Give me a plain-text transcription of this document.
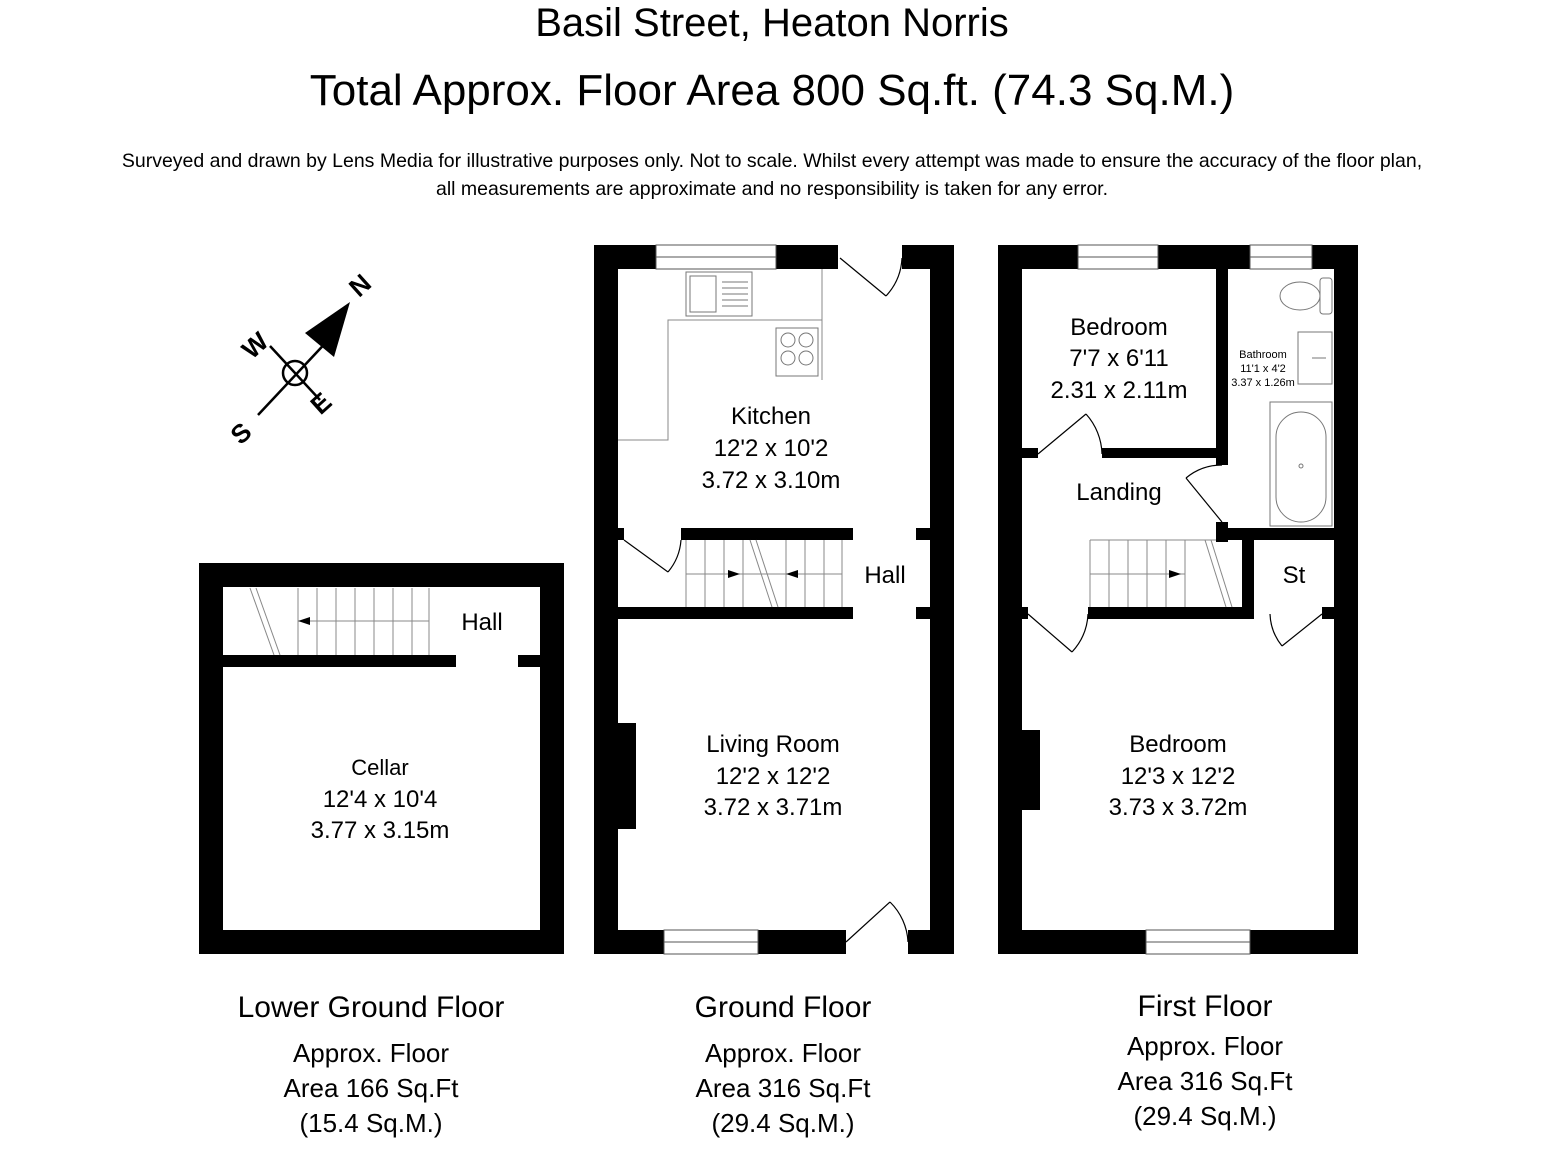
Basil Street, Heaton Norris
Total Approx. Floor Area 800 Sq.ft. (74.3 Sq.M.)
Surveyed and drawn by Lens Media for illustrative purposes only. Not to scale. Whilst every attempt was made to ensure the accuracy of the floor plan,
all measurements are approximate and no responsibility is taken for any error.
N
W
E
S
Hall
Cellar
12'4 x 10'4
3.77 x 3.15m
Kitchen
12'2 x 10'2
3.72 x 3.10m
Hall
Living Room
12'2 x 12'2
3.72 x 3.71m
Bedroom
7'7 x 6'11
2.31 x 2.11m
Bathroom
11'1 x 4'2
3.37 x 1.26m
Landing
St
Bedroom
12'3 x 12'2
3.73 x 3.72m
Lower Ground Floor
Approx. Floor
Area 166 Sq.Ft
(15.4 Sq.M.)
Ground Floor
Approx. Floor
Area 316 Sq.Ft
(29.4 Sq.M.)
First Floor
Approx. Floor
Area 316 Sq.Ft
(29.4 Sq.M.)
